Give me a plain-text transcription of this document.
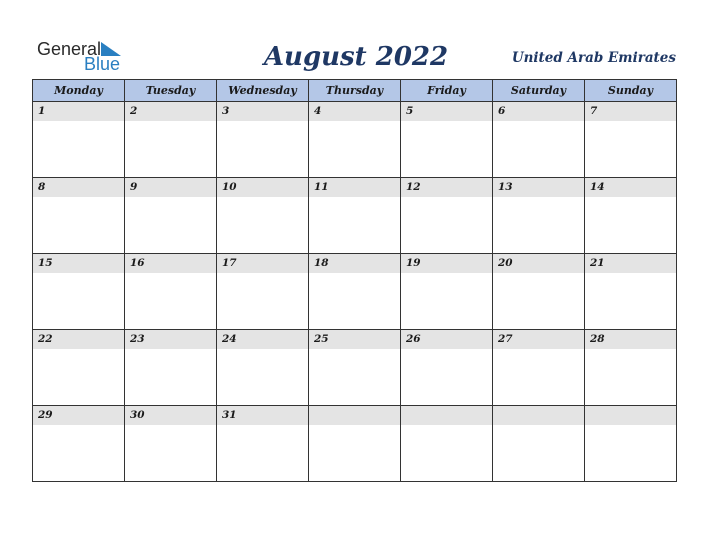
General
Blue	August 2022	United Arab Emirates
Monday	Tuesday	Wednesday	Thursday	Friday	Saturday	Sunday

1	2	3	4	5	6	7

8	9	10	11	12	13	14

15	16	17	18	19	20	21

22	23	24	25	26	27	28

29	30	31				
